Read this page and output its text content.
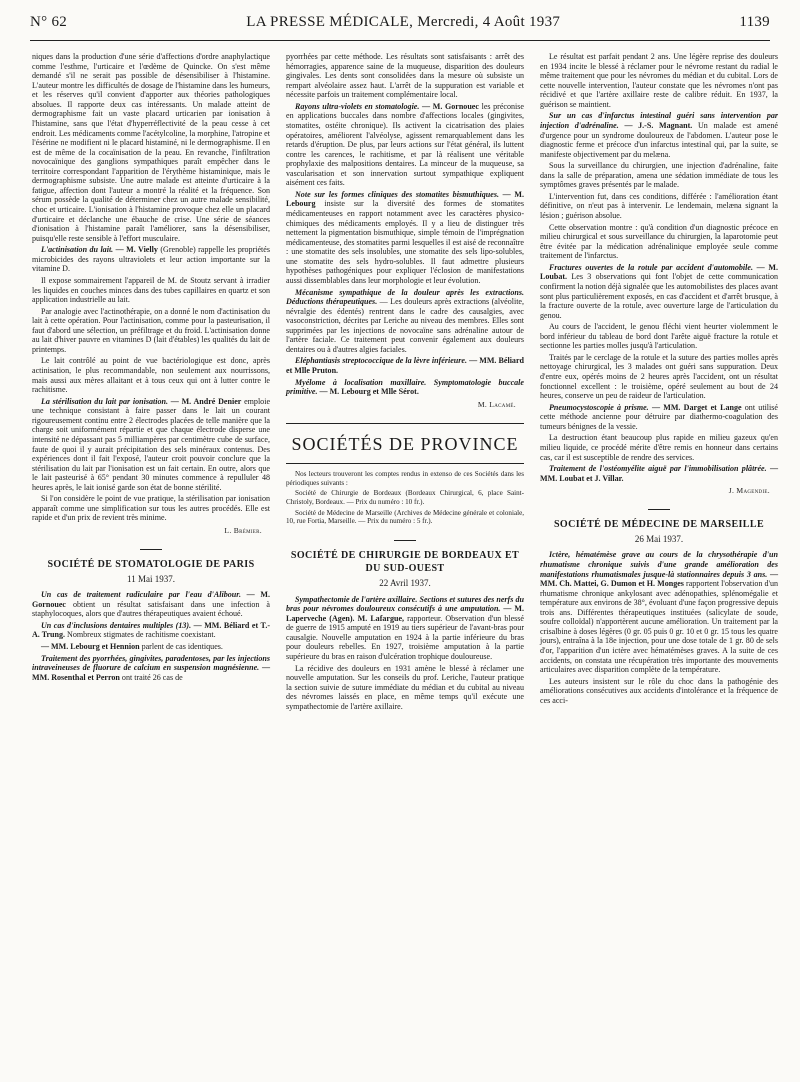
N° 62	LA PRESSE MÉDICALE, Mercredi, 4 Août 1937	1139

niques dans la production d'une série d'affections d'ordre anaphylactique comme l'esthme, l'urticaire et l'œdème de Quincke. On s'est même demandé s'il ne serait pas possible de désensibiliser à l'histamine. L'auteur montre les difficultés de dosage de l'histamine dans les humeurs, et les réserves qu'il convient d'apporter aux théories pathologiques absolues. Il rapporte deux cas intéressants. Un malade atteint de dermographisme fait un vaste placard urticarien par ionisation à l'histamine, sans que l'état d'hyperréflectivité de la peau cesse à cet endroit. Les médicaments comme l'acétylcoline, la morphine, l'atropine et l'ésérine ne modifient ni le placard histaminé, ni le dermographisme. Il en est de même de la cocaïnisation de la peau. En revanche, l'infiltration novocaïnique des ganglions sympathiques paraît empêcher dans le territoire correspondant l'apparition de l'érythème histaminique, mais le dermographisme subsiste. Une autre malade est atteinte d'urticaire à la fatigue, affection dont l'auteur a montré la réalité et la fréquence. Son sérum possède la qualité de déterminer chez un autre malade sensibilité, choc et urticaire. L'ionisation à l'histamine provoque chez elle un placard d'urticaire et déclanche une ébauche de crise. Une série de séances d'ionisation à l'histamine paraît l'améliorer, sans la désensibiliser, puisqu'elle reste sensible à l'effort musculaire.

L'actinisation du lait. — M. Vielly (Grenoble) rappelle les propriétés microbicides des rayons ultraviolets et leur action importante sur la vitamine D.

Il expose sommairement l'appareil de M. de Stoutz servant à irradier les liquides en couches minces dans des tubes capillaires en quartz et son application industrielle au lait.

Par analogie avec l'actinothérapie, on a donné le nom d'actinisation du lait à cette opération. Pour l'actinisation, comme pour la pasteurisation, il faut d'abord une sélection, un préfiltrage et du froid. L'actinisation donne au lait d'hiver pauvre en vitamines D (lait d'étables) les qualités du lait de printemps.

Le lait contrôlé au point de vue bactériologique est donc, après actinisation, le plus recommandable, non seulement aux nourrissons, mais aussi aux mères allaitant et à tous ceux qui ont à lutter contre le rachitisme.

La stérilisation du lait par ionisation. — M. André Denier emploie une technique consistant à faire passer dans le lait un courant rigoureusement continu entre 2 électrodes placées de telle manière que la charge soit uniformément répartie et que chaque électrode disperse une intensité ne dépassant pas 5 milliampères par centimètre cube de surface, faute de quoi il y aurait précipitation des sels minéraux contenus. Des expériences dont il fait l'exposé, l'auteur croit pouvoir conclure que la stérilisation du lait par l'ionisation est un fait certain. En outre, alors que le lait pasteurisé à 65° pendant 30 minutes commence à repulluler 48 heures après, le lait ionisé garde son état de bonne stérilité.

Si l'on considère le point de vue pratique, la stérilisation par ionisation apparaît comme une simplification sur tous les autres procédés. Elle est rapide et d'un prix de revient très minime.

L. Brémier.
SOCIÉTÉ DE STOMATOLOGIE DE PARIS
11 Mai 1937.

Un cas de traitement radiculaire par l'eau d'Alibour. — M. Gornouec obtient un résultat satisfaisant dans une infection à staphylocoques, alors que d'autres thérapeutiques avaient échoué.

Un cas d'inclusions dentaires multiples (13). — MM. Béliard et T.-A. Trung. Nombreux stigmates de rachitisme coexistant.

— MM. Lebourg et Hennion parlent de cas identiques.

Traitement des pyorrhées, gingivites, paradentoses, par les injections intraveineuses de fluorure de calcium en suspension magnésienne. — MM. Rosenthal et Perron ont traité 26 cas de

pyorrhées par cette méthode. Les résultats sont satisfaisants : arrêt des hémorragies, apparence saine de la muqueuse, disparition des douleurs gingivales. Les dents sont consolidées dans la mesure où subsiste un rempart alvéolaire assez haut. L'arrêt de la suppuration est variable et nécessite parfois un traitement complémentaire local.

Rayons ultra-violets en stomatologie. — M. Gornouec les préconise en applications buccales dans nombre d'affections locales (gingivites, stomatites, ostéite chronique). Ils activent la cicatrisation des plaies opératoires, améliorent l'alvéolyse, agissent remarquablement dans les retards d'éruption. De plus, par leurs actions sur l'état général, ils luttent contre les carences, le rachitisme, et par là réalisent une véritable prophylaxie des malpositions dentaires. La minceur de la muqueuse, sa vascularisation et son innervation surtout sympathique expliquent aisément ces faits.

Note sur les formes cliniques des stomatites bismuthiques. — M. Lebourg insiste sur la diversité des formes de stomatites médicamenteuses en rapport notamment avec les caractères physico-chimiques des médicaments employés. Il y a lieu de distinguer très nettement la pigmentation bismuthique, simple témoin de l'imprégnation médicamenteuse, des stomatites parmi lesquelles il est aisé de reconnaître : une stomatite des sels insolubles, une stomatite des sels lipo-solubles, une stomatite des sels hydro-solubles. Il faut admettre plusieurs hypothèses pathogéniques pour expliquer l'éclosion de manifestations aussi dissemblables dans leur morphologie et leur évolution.

Mécanisme sympathique de la douleur après les extractions. Déductions thérapeutiques. — Les douleurs après extractions (alvéolite, névralgie des édentés) rentrent dans le cadre des causalgies, avec vasoconstriction, décrites par Leriche au niveau des membres. Elles sont supprimées par les injections de novocaïne sans adrénaline autour de l'artère faciale. Ce traitement peut convenir également aux douleurs dentaires ou à d'autres algies faciales.

Eléphantiasis streptococcique de la lèvre inférieure. — MM. Béliard et Mlle Pruton.

Myélome à localisation maxillaire. Symptomatologie buccale primitive. — M. Lebourg et Mlle Sérot.

M. Lacamé.
SOCIÉTÉS DE PROVINCE

Nos lecteurs trouveront les comptes rendus in extenso de ces Sociétés dans les périodiques suivants :

Société de Chirurgie de Bordeaux (Bordeaux Chirurgical, 6, place Saint-Christoly, Bordeaux. — Prix du numéro : 10 fr.).

Société de Médecine de Marseille (Archives de Médecine générale et coloniale, 10, rue Fortia, Marseille. — Prix du numéro : 5 fr.).

SOCIÉTÉ DE CHIRURGIE DE BORDEAUX ET DU SUD-OUEST
22 Avril 1937.

Sympathectomie de l'artère axillaire. Sections et sutures des nerfs du bras pour névromes douloureux consécutifs à une amputation. — M. Laperveche (Agen). M. Lafargue, rapporteur. Observation d'un blessé de guerre de 1915 amputé en 1919 au tiers supérieur de l'avant-bras pour causalgie. Nouvelle amputation en 1924 à la partie inférieure du bras pour douleurs rebelles. En 1927, troisième amputation à la partie supérieure du bras en raison d'ulcération trophique douloureuse.

La récidive des douleurs en 1931 amène le blessé à réclamer une nouvelle amputation. Sur les conseils du prof. Leriche, l'auteur pratique la section suivie de suture immédiate du médian et du cubital au niveau des névromes laissés en place, en même temps qu'il exécute une sympathectomie de l'artère axillaire.

Le résultat est parfait pendant 2 ans. Une légère reprise des douleurs en 1934 incite le blessé à réclamer pour le névrome restant du radial le même traitement que pour les névromes du médian et du cubital. Lors de cette nouvelle intervention, l'auteur constate que les névromes n'ont pas récidivé et que l'artère axillaire reste de calibre réduit. En 1937, la guérison se maintient.

Sur un cas d'infarctus intestinal guéri sans intervention par injection d'adrénaline. — J.-S. Magnant. Un malade est amené d'urgence pour un syndrome douloureux de l'abdomen. L'auteur pose le diagnostic ferme et précoce d'un infarctus intestinal qui, par la suite, se manifeste objectivement par du melæna.

Sous la surveillance du chirurgien, une injection d'adrénaline, faite dans la salle de préparation, amena une sédation immédiate de tous les symptômes graves présentés par le malade.

L'intervention fut, dans ces conditions, différée : l'amélioration étant définitive, on n'eut pas à intervenir. Le lendemain, melæna signant la lésion ; guérison absolue.

Cette observation montre : qu'à condition d'un diagnostic précoce en milieu chirurgical et sous surveillance du chirurgien, la laparotomie peut être évitée par la médication adrénalinique employée seule comme traitement de l'infarctus.

Fractures ouvertes de la rotule par accident d'automobile. — M. Loubat. Les 3 observations qui font l'objet de cette communication confirment la notion déjà signalée que les automobilistes des places avant sont plus particulièrement exposés, en cas d'accident et d'arrêt brusque, à la fracture ouverte de la rotule, avec ouverture large de l'articulation du genou.

Au cours de l'accident, le genou fléchi vient heurter violemment le bord inférieur du tableau de bord dont l'arête aiguë fracture la rotule et sectionne les parties molles jusqu'à l'articulation.

Traités par le cerclage de la rotule et la suture des parties molles après nettoyage chirurgical, les 3 malades ont guéri sans suppuration. Deux d'entre eux, opérés moins de 2 heures après l'accident, ont un résultat fonctionnel excellent : le troisième, opéré seulement au bout de 24 heures, conserve un peu de raideur de l'articulation.

Pneumocystoscopie à prisme. — MM. Darget et Lange ont utilisé cette méthode ancienne pour détruire par diathermo-coagulation des tumeurs bénignes de la vessie.

La destruction étant beaucoup plus rapide en milieu gazeux qu'en milieu liquide, ce procédé mérite d'être remis en honneur dans certains cas, car il est susceptible de rendre des services.

Traitement de l'ostéomyélite aiguë par l'immobilisation plâtrée. — MM. Loubat et J. Villar.

J. Magendie.
SOCIÉTÉ DE MÉDECINE DE MARSEILLE
26 Mai 1937.

Ictère, hématémèse grave au cours de la chrysothérapie d'un rhumatisme chronique suivis d'une grande amélioration des manifestations rhumatismales jusque-là stationnaires depuis 3 ans. — MM. Ch. Mattei, G. Dumon et H. Monges rapportent l'observation d'un rhumatisme chronique ankylosant avec adénopathies, splénomégalie et température aux environs de 38°, évoluant d'une façon progressive depuis trois ans. Différentes thérapeutiques instituées (salicylate de soude, soufre colloïdal) n'apportèrent aucune amélioration. Un traitement par la crisalbine à doses légères (0 gr. 05 puis 0 gr. 10 et 0 gr. 15 tous les quatre jours), entraîna à la 18e injection, pour une dose totale de 1 gr. 80 de sels d'or, l'apparition d'un ictère avec hématémèses graves. A la suite de ces accidents, on constata une récupération très importante des mouvements articulaires avec disparition complète de la température.

Les auteurs insistent sur le rôle du choc dans la pathogénie des améliorations consécutives aux accidents d'intolérance et la fréquence de ces acci-
